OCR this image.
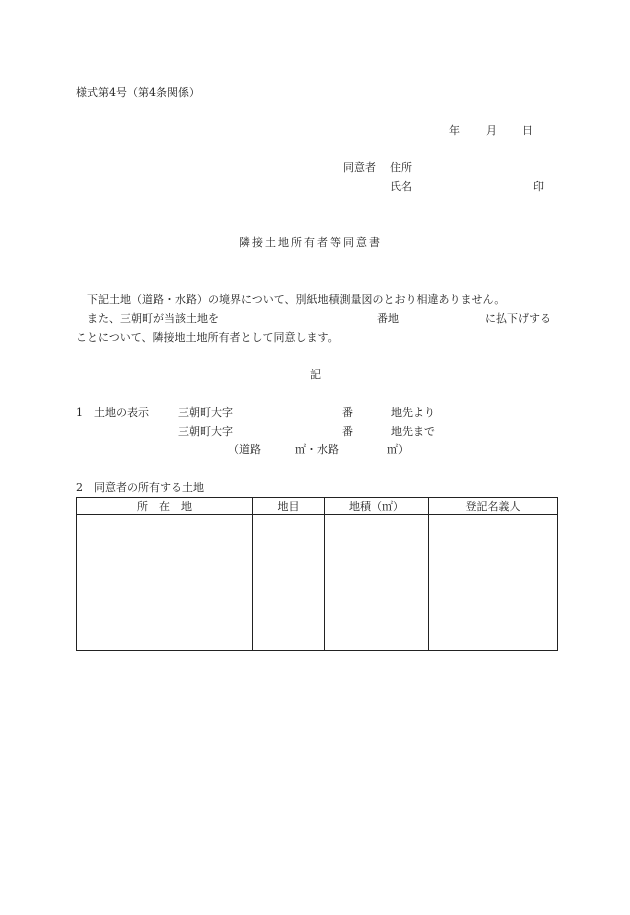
様式第4号（第4条関係）
年 月 日
同意者 住所
氏名	印
隣接土地所有者等同意書
下記土地（道路・水路）の境界について、別紙地積測量図のとおり相違ありません。
また、三朝町が当該土地を	番地	に払下げする
ことについて、隣接地土地所有者として同意します。
記
1　土地の表示	三朝町大字	番	地先より
三朝町大字	番	地先まで
（道路	㎡・水路	㎡）
2　同意者の所有する土地
所　在　地	地目	地積（㎡）	登記名義人
